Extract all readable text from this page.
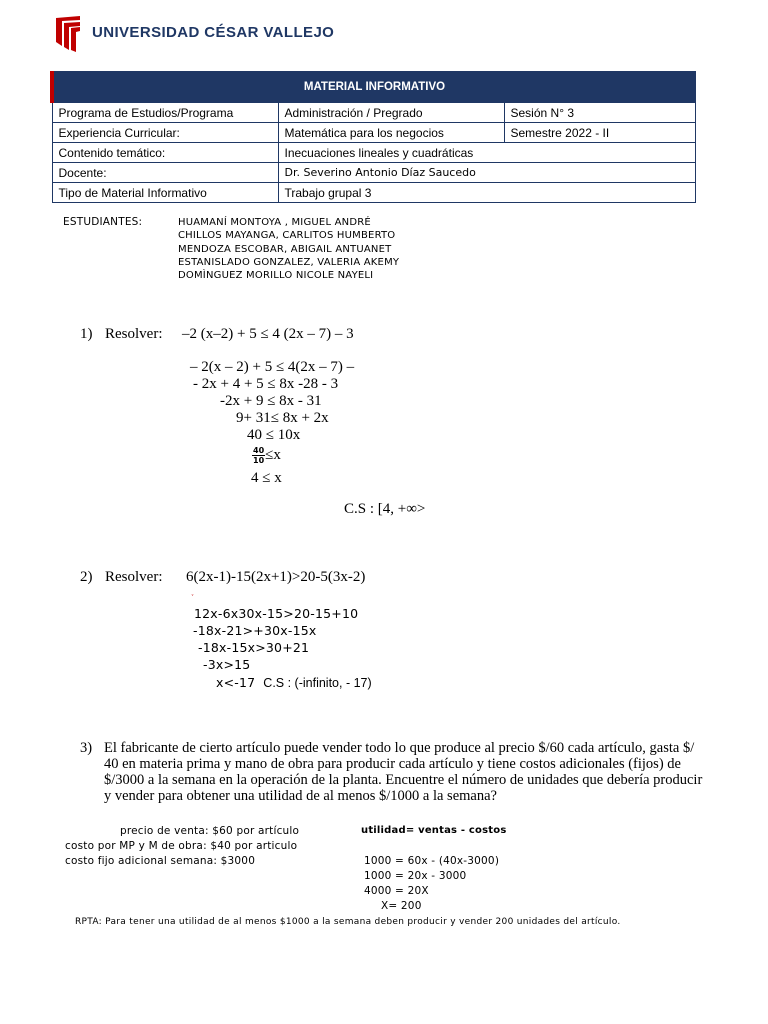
UNIVERSIDAD CÉSAR VALLEJO
MATERIAL INFORMATIVO		
Programa de Estudios/Programa	Administración / Pregrado	Sesión N° 3
Experiencia Curricular:	Matemática para los negocios	Semestre 2022 - II
Contenido temático:	Inecuaciones lineales y cuadráticas	
Docente:	Dr. Severino Antonio Díaz Saucedo	
Tipo de Material Informativo	Trabajo grupal 3	
ESTUDIANTES:	HUAMANÍ MONTOYA , MIGUEL ANDRÉ
CHILLOS MAYANGA, CARLITOS HUMBERTO
MENDOZA ESCOBAR, ABIGAIL ANTUANET
ESTANISLADO GONZALEZ, VALERIA AKEMY
DOMÌNGUEZ MORILLO NICOLE NAYELI
1) Resolver: –2 (x–2) + 5 ≤ 4 (2x – 7) – 3
– 2(x – 2) + 5 ≤ 4(2x – 7) –
- 2x + 4 + 5 ≤ 8x -28 - 3
-2x + 9 ≤ 8x - 31
9+ 31≤ 8x + 2x
40 ≤ 10x
$\frac{40}{10}\le x$
4 ≤ x
C.S : [4, +∞>
2) Resolver: 6(2x-1)-15(2x+1)>20-5(3x-2)
˯
12x-6x30x-15>20-15+10
-18x-21>+30x-15x
-18x-15x>30+21
-3x>15
x<-17 C.S : (-infinito, - 17)
3) El fabricante de cierto artículo puede vender todo lo que produce al precio $/60 cada artículo, gasta $/ 40 en materia prima y mano de obra para producir cada artículo y tiene costos adicionales (fijos) de $/3000 a la semana en la operación de la planta. Encuentre el número de unidades que debería producir y vender para obtener una utilidad de al menos $/1000 a la semana?
precio de venta: $60 por artículo
costo por MP y M de obra: $40 por articulo
costo fijo adicional semana: $3000
utilidad= ventas - costos
1000 = 60x - (40x-3000)
1000 = 20x - 3000
4000 = 20X
X= 200
RPTA: Para tener una utilidad de al menos $1000 a la semana deben producir y vender 200 unidades del artículo.
